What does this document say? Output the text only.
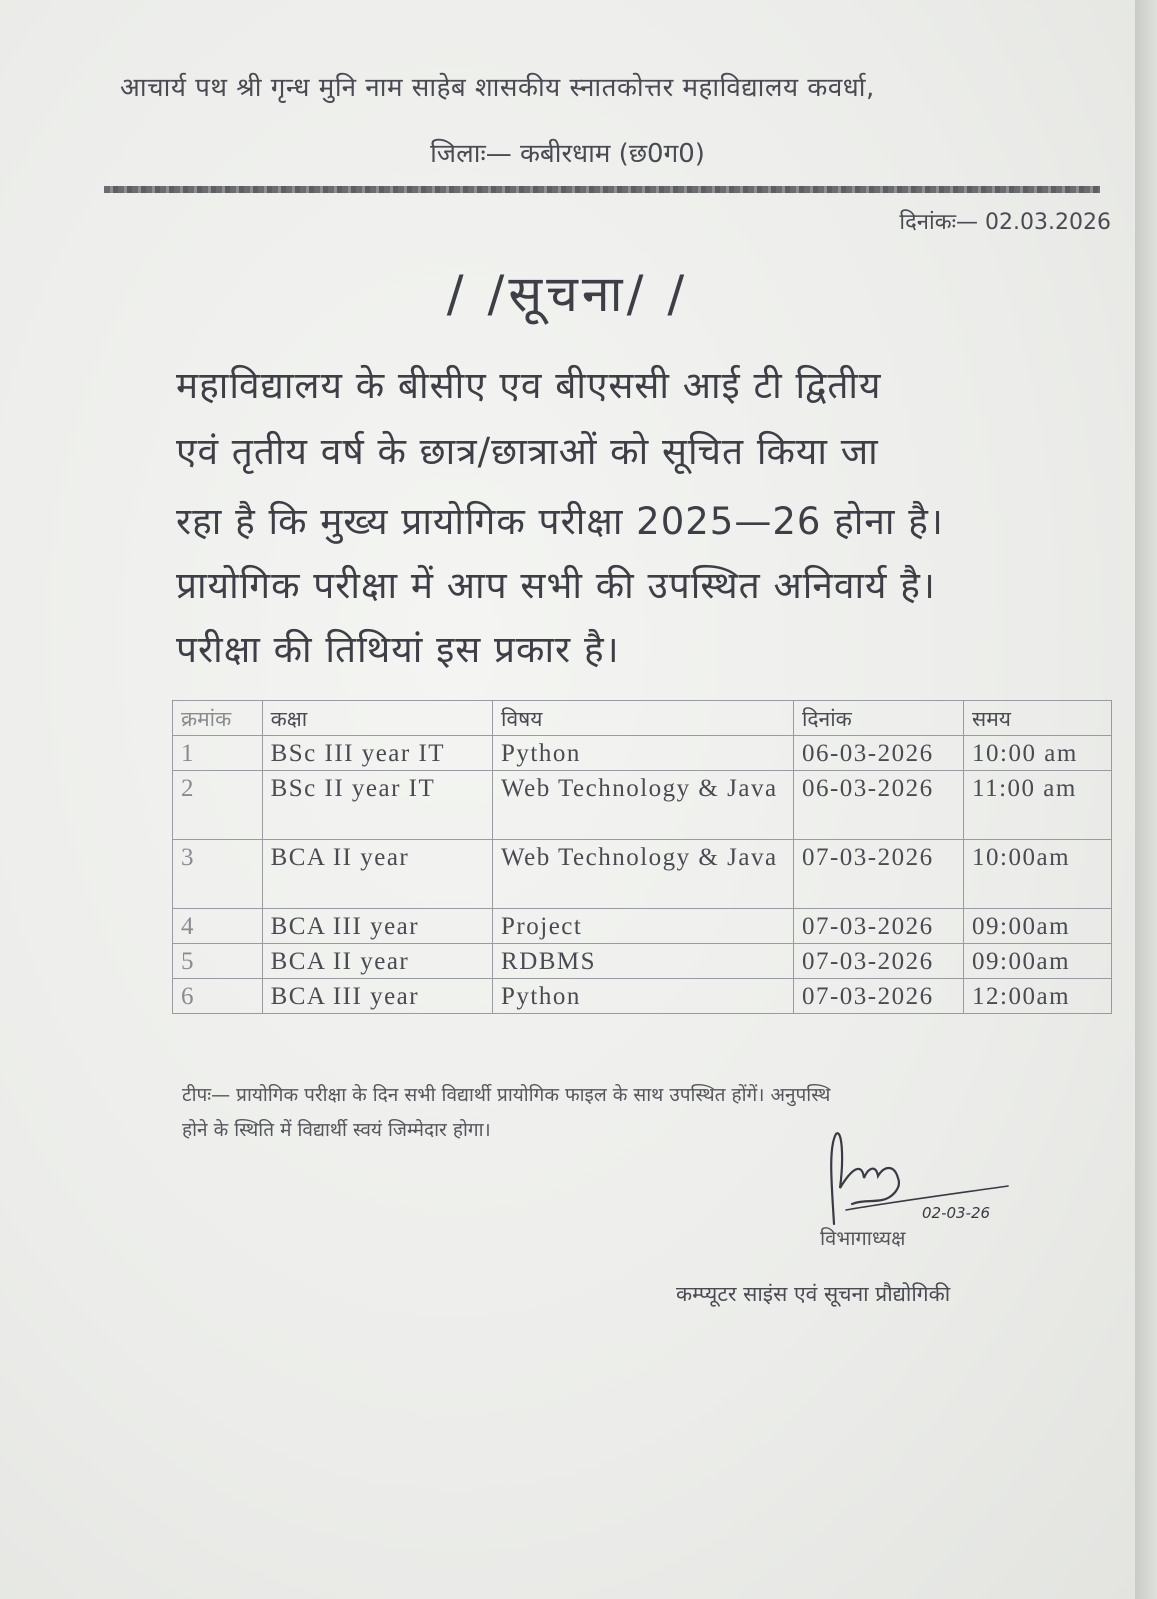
आचार्य पथ श्री गृन्ध मुनि नाम साहेब शासकीय स्नातकोत्तर महाविद्यालय कवर्धा,
जिलाः— कबीरधाम (छ0ग0)
दिनांकः— 02.03.2026
/ /सूचना/ /
महाविद्यालय के बीसीए एव बीएससी आई टी द्वितीय
एवं तृतीय वर्ष के छात्र/छात्राओं को सूचित किया जा
रहा है कि मुख्य प्रायोगिक परीक्षा 2025—26 होना है।
प्रायोगिक परीक्षा में आप सभी की उपस्थित अनिवार्य है।
परीक्षा की तिथियां इस प्रकार है।
क्रमांक	कक्षा	विषय	दिनांक	समय
1	BSc III year IT	Python	06-03-2026	10:00 am
2	BSc II year IT	Web Technology & Java	06-03-2026	11:00 am
3	BCA II year	Web Technology & Java	07-03-2026	10:00am
4	BCA III year	Project	07-03-2026	09:00am
5	BCA II year	RDBMS	07-03-2026	09:00am
6	BCA III year	Python	07-03-2026	12:00am
टीपः— प्रायोगिक परीक्षा के दिन सभी विद्यार्थी प्रायोगिक फाइल के साथ उपस्थित होंगें। अनुपस्थि
होने के स्थिति में विद्यार्थी स्वयं जिम्मेदार होगा।
02-03-26
विभागाध्यक्ष
कम्प्यूटर साइंस एवं सूचना प्रौद्योगिकी
